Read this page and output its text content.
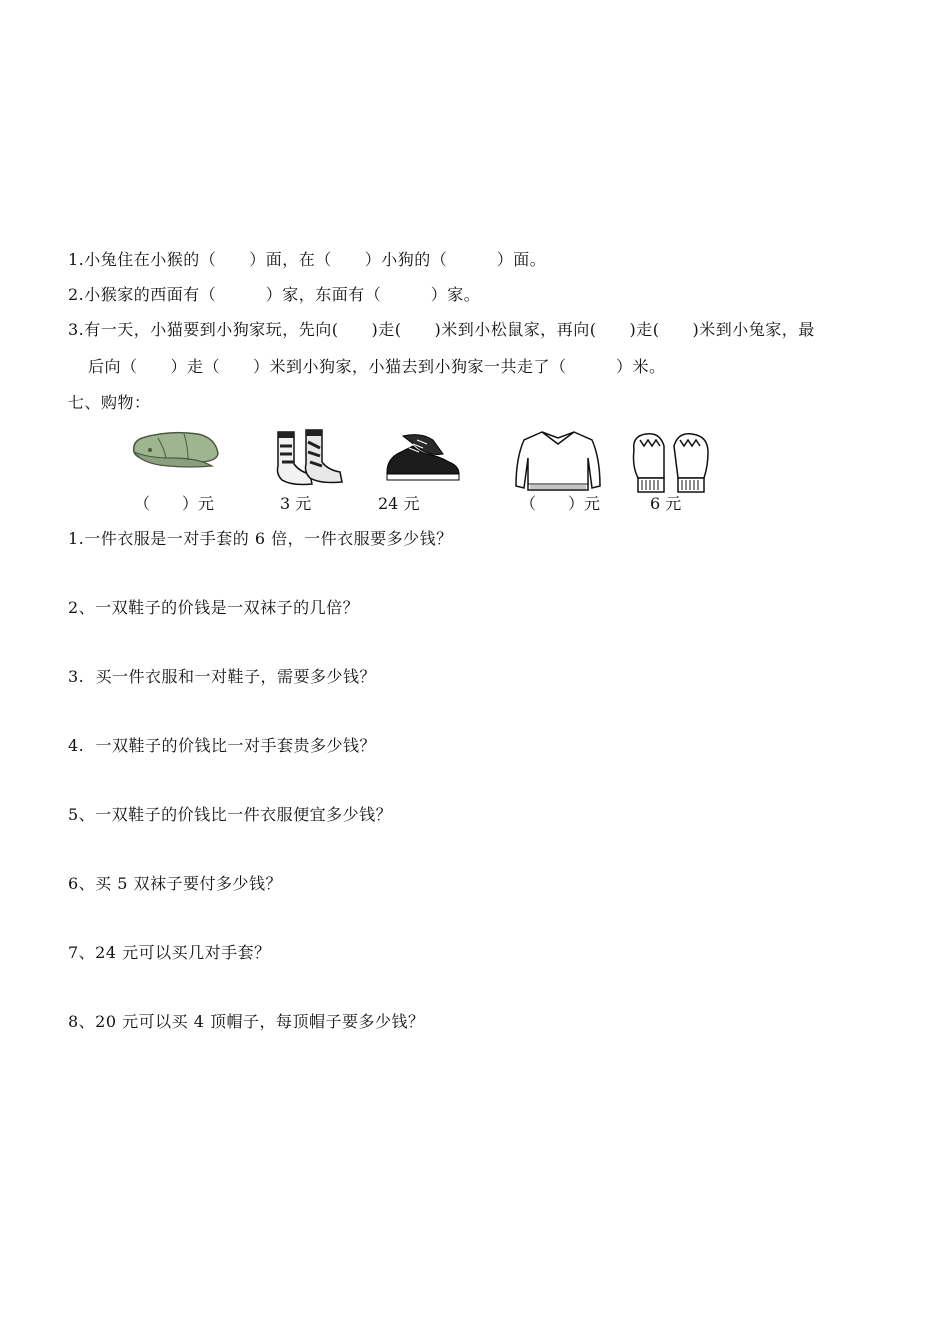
1.小兔住在小猴的（　　）面，在（　　）小狗的（　　　）面。
2.小猴家的西面有（　　　）家，东面有（　　　）家。
3.有一天，小猫要到小狗家玩，先向(　　)走(　　)米到小松鼠家，再向(　　)走(　　)米到小兔家，最
后向（　　）走（　　）米到小狗家，小猫去到小狗家一共走了（　　　）米。
七、购物：
（　　）元	3 元	24 元	（　　）元	6 元
1.一件衣服是一对手套的 6 倍，一件衣服要多少钱？
2、一双鞋子的价钱是一双袜子的几倍？
3.  买一件衣服和一对鞋子，需要多少钱？
4.  一双鞋子的价钱比一对手套贵多少钱？
5、一双鞋子的价钱比一件衣服便宜多少钱？
6、买 5 双袜子要付多少钱？
7、24 元可以买几对手套？
8、20 元可以买 4 顶帽子，每顶帽子要多少钱？
